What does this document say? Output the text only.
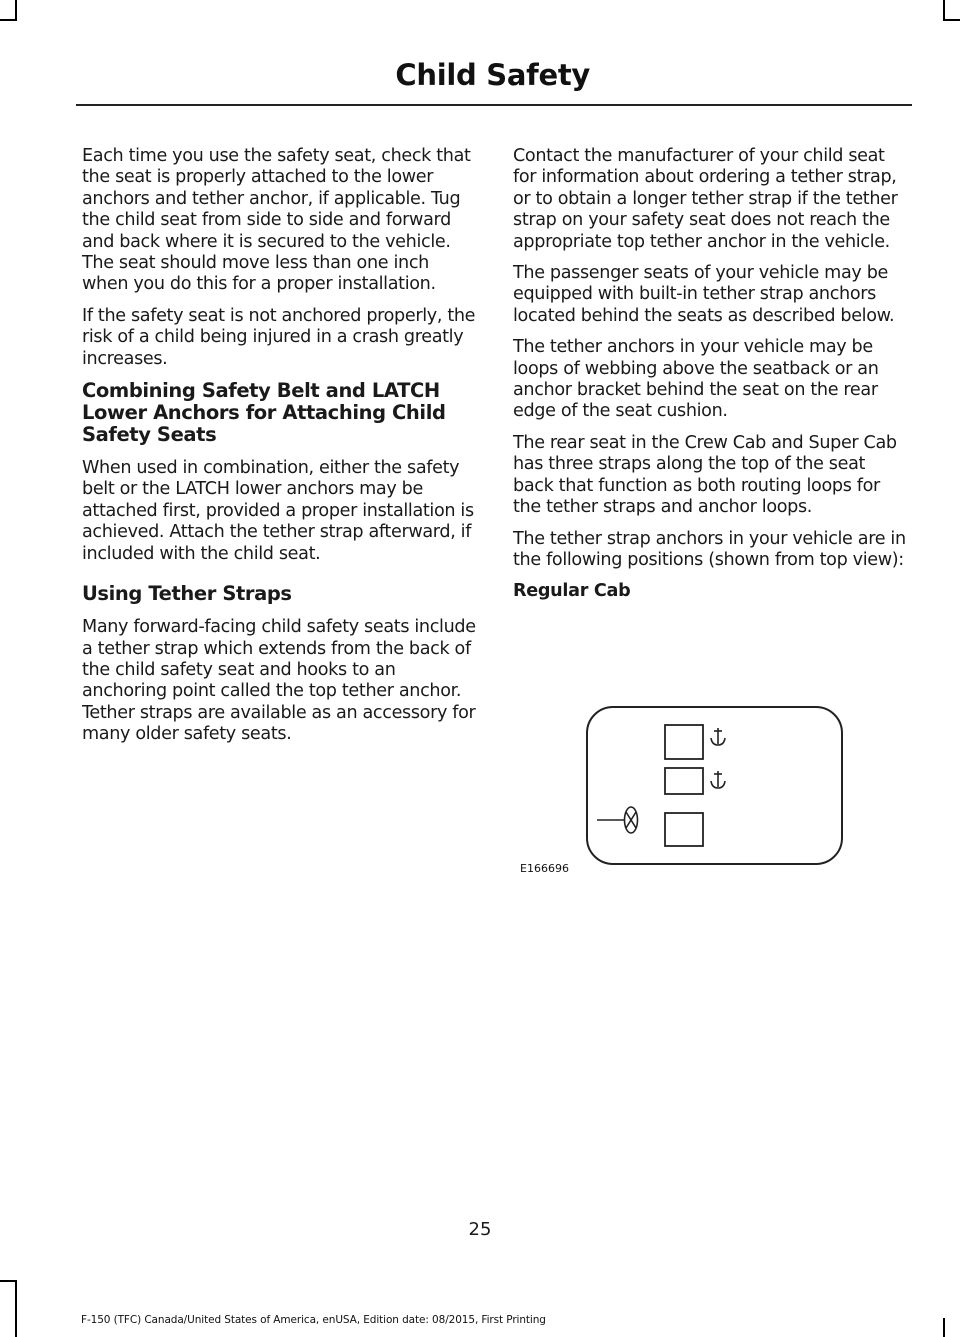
Child Safety

Each time you use the safety seat, check that the seat is properly attached to the lower anchors and tether anchor, if applicable. Tug the child seat from side to side and forward and back where it is secured to the vehicle. The seat should move less than one inch when you do this for a proper installation.

If the safety seat is not anchored properly, the risk of a child being injured in a crash greatly increases.

Combining Safety Belt and LATCH Lower Anchors for Attaching Child Safety Seats

When used in combination, either the safety belt or the LATCH lower anchors may be attached first, provided a proper installation is achieved. Attach the tether strap afterward, if included with the child seat.

Using Tether Straps

Many forward-facing child safety seats include a tether strap which extends from the back of the child safety seat and hooks to an anchoring point called the top tether anchor. Tether straps are available as an accessory for many older safety seats.

Contact the manufacturer of your child seat for information about ordering a tether strap, or to obtain a longer tether strap if the tether strap on your safety seat does not reach the appropriate top tether anchor in the vehicle.

The passenger seats of your vehicle may be equipped with built-in tether strap anchors located behind the seats as described below.

The tether anchors in your vehicle may be loops of webbing above the seatback or an anchor bracket behind the seat on the rear edge of the seat cushion.

The rear seat in the Crew Cab and Super Cab has three straps along the top of the seat back that function as both routing loops for the tether straps and anchor loops.

The tether strap anchors in your vehicle are in the following positions (shown from top view):

Regular Cab
E166696
25
F-150 (TFC) Canada/United States of America, enUSA, Edition date: 08/2015, First Printing
